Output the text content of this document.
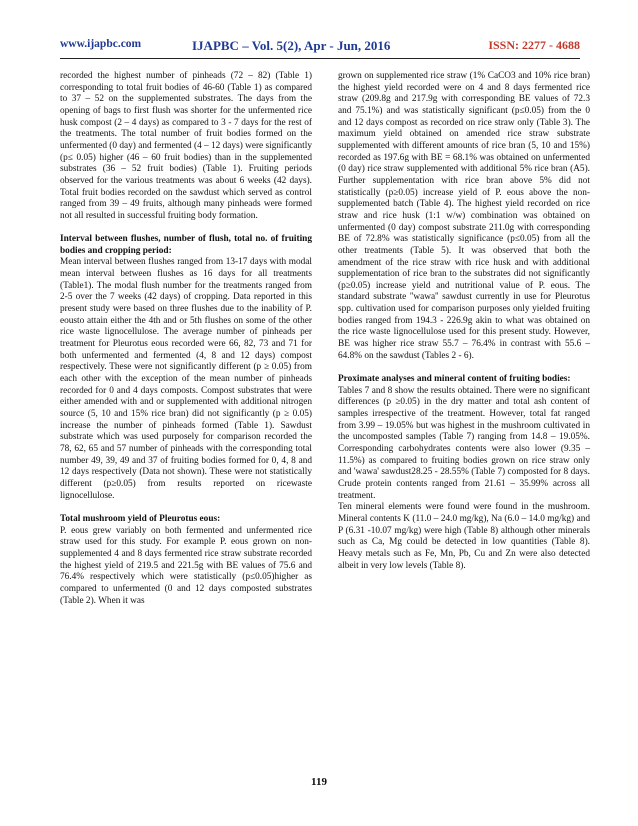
www.ijapbc.com	IJAPBC – Vol. 5(2), Apr - Jun, 2016	ISSN: 2277 - 4688

recorded the highest number of pinheads (72 – 82) (Table 1) corresponding to total fruit bodies of 46-60 (Table 1) as compared to 37 – 52 on the supplemented substrates. The days from the opening of bags to first flush was shorter for the unfermented rice husk compost (2 – 4 days) as compared to 3 - 7 days for the rest of the treatments. The total number of fruit bodies formed on the unfermented (0 day) and fermented (4 – 12 days) were significantly (p≤ 0.05) higher (46 – 60 fruit bodies) than in the supplemented substrates (36 – 52 fruit bodies) (Table 1). Fruiting periods observed for the various treatments was about 6 weeks (42 days). Total fruit bodies recorded on the sawdust which served as control ranged from 39 – 49 fruits, although many pinheads were formed not all resulted in successful fruiting body formation.

Interval between flushes, number of flush, total no. of fruiting bodies and cropping period:

Mean interval between flushes ranged from 13-17 days with modal mean interval between flushes as 16 days for all treatments (Table1). The modal flush number for the treatments ranged from 2-5 over the 7 weeks (42 days) of cropping. Data reported in this present study were based on three flushes due to the inability of P. eousto attain either the 4th and or 5th flushes on some of the other rice waste lignocellulose. The average number of pinheads per treatment for Pleurotus eous recorded were 66, 82, 73 and 71 for both unfermented and fermented (4, 8 and 12 days) compost respectively. These were not significantly different (p ≥ 0.05) from each other with the exception of the mean number of pinheads recorded for 0 and 4 days composts. Compost substrates that were either amended with and or supplemented with additional nitrogen source (5, 10 and 15% rice bran) did not significantly (p ≥ 0.05) increase the number of pinheads formed (Table 1). Sawdust substrate which was used purposely for comparison recorded the 78, 62, 65 and 57 number of pinheads with the corresponding total number 49, 39, 49 and 37 of fruiting bodies formed for 0, 4, 8 and 12 days respectively (Data not shown). These were not statistically different (p≥0.05) from results reported on ricewaste lignocellulose.

Total mushroom yield of Pleurotus eous:

P. eous grew variably on both fermented and unfermented rice straw used for this study. For example P. eous grown on non-supplemented 4 and 8 days fermented rice straw substrate recorded the highest yield of 219.5 and 221.5g with BE values of 75.6 and 76.4% respectively which were statistically (p≤0.05)higher as compared to unfermented (0 and 12 days composted substrates (Table 2). When it was

grown on supplemented rice straw (1% CaCO3 and 10% rice bran) the highest yield recorded were on 4 and 8 days fermented rice straw (209.8g and 217.9g with corresponding BE values of 72.3 and 75.1%) and was statistically significant (p≤0.05) from the 0 and 12 days compost as recorded on rice straw only (Table 3). The maximum yield obtained on amended rice straw substrate supplemented with different amounts of rice bran (5, 10 and 15%) recorded as 197.6g with BE = 68.1% was obtained on unfermented (0 day) rice straw supplemented with additional 5% rice bran (A5). Further supplementation with rice bran above 5% did not statistically (p≥0.05) increase yield of P. eous above the non-supplemented batch (Table 4). The highest yield recorded on rice straw and rice husk (1:1 w/w) combination was obtained on unfermented (0 day) compost substrate 211.0g with corresponding BE of 72.8% was statistically significance (p≤0.05) from all the other treatments (Table 5). It was observed that both the amendment of the rice straw with rice husk and with additional supplementation of rice bran to the substrates did not significantly (p≥0.05) increase yield and nutritional value of P. eous. The standard substrate ''wawa'' sawdust currently in use for Pleurotus spp. cultivation used for comparison purposes only yielded fruiting bodies ranged from 194.3 - 226.9g akin to what was obtained on the rice waste lignocellulose used for this present study. However, BE was higher rice straw 55.7 – 76.4% in contrast with 55.6 – 64.8% on the sawdust (Tables 2 - 6).

Proximate analyses and mineral content of fruiting bodies:

Tables 7 and 8 show the results obtained. There were no significant differences (p ≥0.05) in the dry matter and total ash content of samples irrespective of the treatment. However, total fat ranged from 3.99 – 19.05% but was highest in the mushroom cultivated in the uncomposted samples (Table 7) ranging from 14.8 – 19.05%. Corresponding carbohydrates contents were also lower (9.35 – 11.5%) as compared to fruiting bodies grown on rice straw only and 'wawa' sawdust28.25 - 28.55% (Table 7) composted for 8 days. Crude protein contents ranged from 21.61 – 35.99% across all treatment.

Ten mineral elements were found were found in the mushroom. Mineral contents K (11.0 – 24.0 mg/kg), Na (6.0 – 14.0 mg/kg) and P (6.31 -10.07 mg/kg) were high (Table 8) although other minerals such as Ca, Mg could be detected in low quantities (Table 8). Heavy metals such as Fe, Mn, Pb, Cu and Zn were also detected albeit in very low levels (Table 8).

119
